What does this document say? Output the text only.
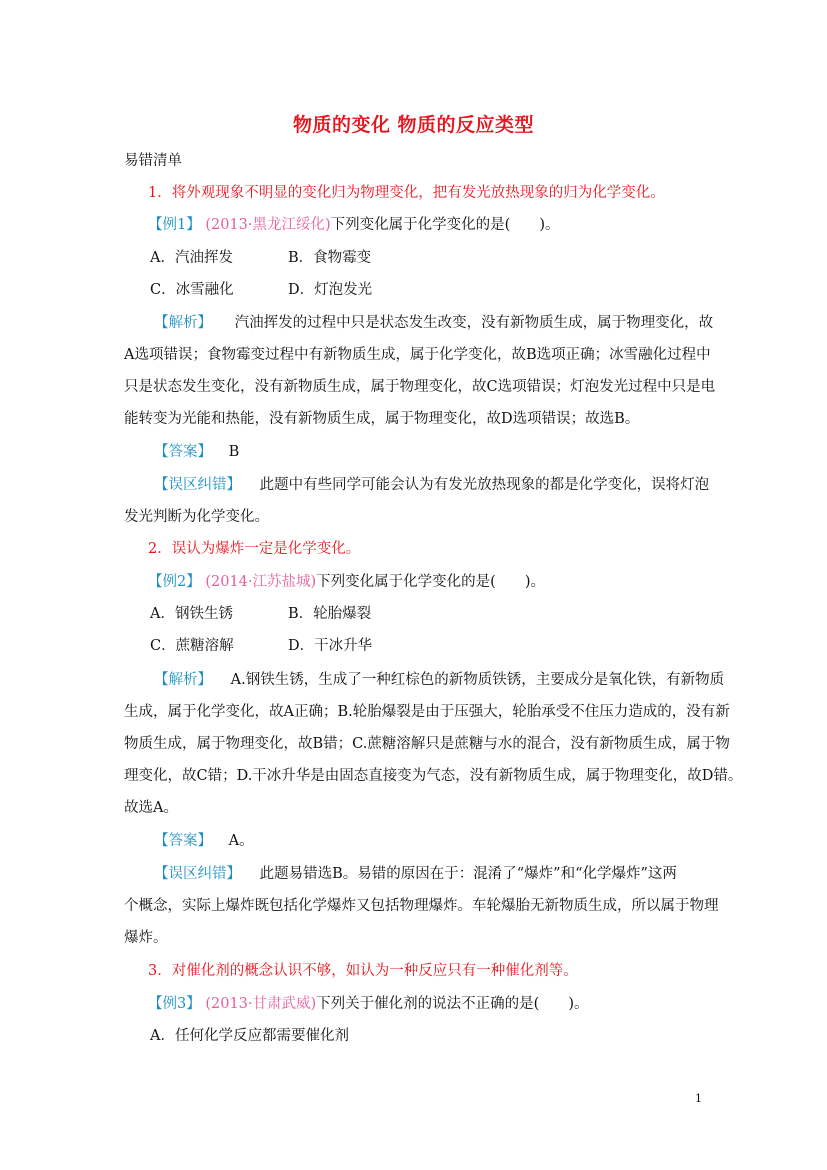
物质的变化 物质的反应类型
易错清单
1．将外观现象不明显的变化归为物理变化，把有发光放热现象的归为化学变化。
【例1】 (2013·黑龙江绥化)下列变化属于化学变化的是(　　)。
A．汽油挥发	B．食物霉变
C．冰雪融化	D．灯泡发光
【解析】 汽油挥发的过程中只是状态发生改变，没有新物质生成，属于物理变化，故
A选项错误；食物霉变过程中有新物质生成，属于化学变化，故B选项正确；冰雪融化过程中
只是状态发生变化，没有新物质生成，属于物理变化，故C选项错误；灯泡发光过程中只是电
能转变为光能和热能，没有新物质生成，属于物理变化，故D选项错误；故选B。
【答案】 B
【误区纠错】 此题中有些同学可能会认为有发光放热现象的都是化学变化，误将灯泡
发光判断为化学变化。
2．误认为爆炸一定是化学变化。
【例2】 (2014·江苏盐城)下列变化属于化学变化的是(　　)。
A．钢铁生锈	B．轮胎爆裂
C．蔗糖溶解	D．干冰升华
【解析】 A.钢铁生锈，生成了一种红棕色的新物质铁锈，主要成分是氧化铁，有新物质
生成，属于化学变化，故A正确；B.轮胎爆裂是由于压强大，轮胎承受不住压力造成的，没有新
物质生成，属于物理变化，故B错；C.蔗糖溶解只是蔗糖与水的混合，没有新物质生成，属于物
理变化，故C错；D.干冰升华是由固态直接变为气态，没有新物质生成，属于物理变化，故D错。
故选A。
【答案】 A。
【误区纠错】 此题易错选B。易错的原因在于：混淆了“爆炸”和“化学爆炸”这两
个概念，实际上爆炸既包括化学爆炸又包括物理爆炸。车轮爆胎无新物质生成，所以属于物理
爆炸。
3．对催化剂的概念认识不够，如认为一种反应只有一种催化剂等。
【例3】 (2013·甘肃武威)下列关于催化剂的说法不正确的是(　　)。
A．任何化学反应都需要催化剂
1
